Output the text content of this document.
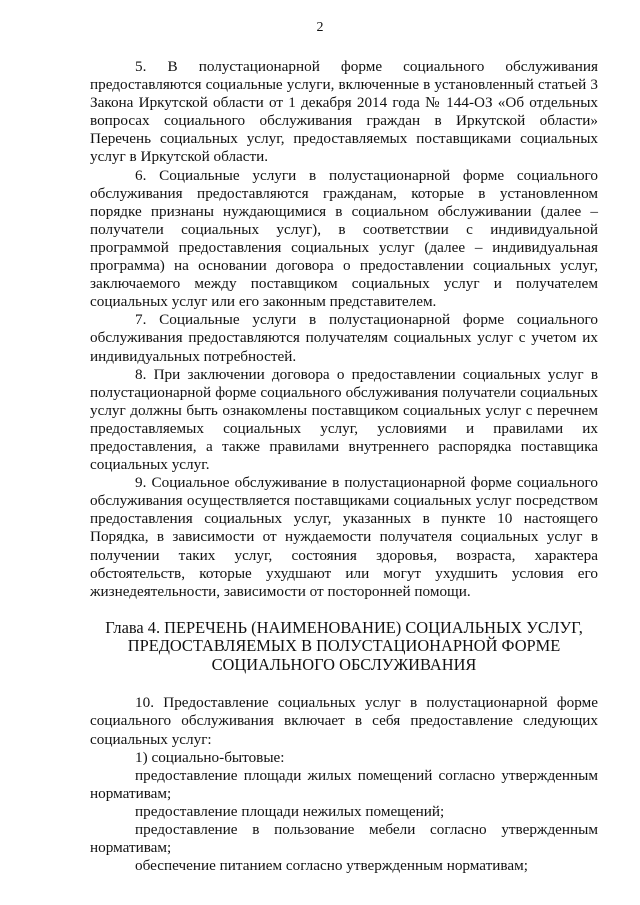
2

5. В полустационарной форме социального обслуживания предоставляются социальные услуги, включенные в установленный статьей 3 Закона Иркутской области от 1 декабря 2014 года № 144-ОЗ «Об отдельных вопросах социального обслуживания граждан в Иркутской области» Перечень социальных услуг, предоставляемых поставщиками социальных услуг в Иркутской области.

6. Социальные услуги в полустационарной форме социального обслуживания предоставляются гражданам, которые в установленном порядке признаны нуждающимися в социальном обслуживании (далее – получатели социальных услуг), в соответствии с индивидуальной программой предоставления социальных услуг (далее – индивидуальная программа) на основании договора о предоставлении социальных услуг, заключаемого между поставщиком социальных услуг и получателем социальных услуг или его законным представителем.

7. Социальные услуги в полустационарной форме социального обслуживания предоставляются получателям социальных услуг с учетом их индивидуальных потребностей.

8. При заключении договора о предоставлении социальных услуг в полустационарной форме социального обслуживания получатели социальных услуг должны быть ознакомлены поставщиком социальных услуг с перечнем предоставляемых социальных услуг, условиями и правилами их предоставления, а также правилами внутреннего распорядка поставщика социальных услуг.

9. Социальное обслуживание в полустационарной форме социального обслуживания осуществляется поставщиками социальных услуг посредством предоставления социальных услуг, указанных в пункте 10 настоящего Порядка, в зависимости от нуждаемости получателя социальных услуг в получении таких услуг, состояния здоровья, возраста, характера обстоятельств, которые ухудшают или могут ухудшить условия его жизнедеятельности, зависимости от посторонней помощи.

Глава 4. ПЕРЕЧЕНЬ (НАИМЕНОВАНИЕ) СОЦИАЛЬНЫХ УСЛУГ,
ПРЕДОСТАВЛЯЕМЫХ В ПОЛУСТАЦИОНАРНОЙ ФОРМЕ
СОЦИАЛЬНОГО ОБСЛУЖИВАНИЯ

10. Предоставление социальных услуг в полустационарной форме социального обслуживания включает в себя предоставление следующих социальных услуг:

1) социально-бытовые:

предоставление площади жилых помещений согласно утвержденным нормативам;

предоставление площади нежилых помещений;

предоставление в пользование мебели согласно утвержденным нормативам;

обеспечение питанием согласно утвержденным нормативам;
